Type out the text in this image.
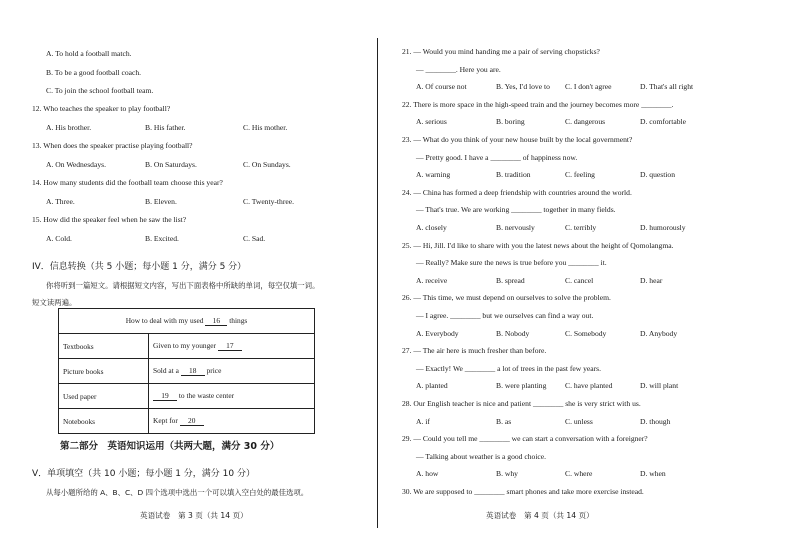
A. To hold a football match.
B. To be a good football coach.
C. To join the school football team.
12. Who teaches the speaker to play football?
A. His brother.	B. His father.	C. His mother.
13. When does the speaker practise playing football?
A. On Wednesdays.	B. On Saturdays.	C. On Sundays.
14. How many students did the football team choose this year?
A. Three.	B. Eleven.	C. Twenty-three.
15. How did the speaker feel when he saw the list?
A. Cold.	B. Excited.	C. Sad.
IV．信息转换（共 5 小题；每小题 1 分，满分 5 分）
你将听到一篇短文。请根据短文内容，写出下面表格中所缺的单词，每空仅填一词。
短文读两遍。
How to deal with my used 16 things	
Textbooks	Given to my younger 17
Picture books	Sold at a 18 price
Used paper	19 to the waste center
Notebooks	Kept for 20
第二部分　英语知识运用（共两大题，满分 30 分）
V．单项填空（共 10 小题；每小题 1 分，满分 10 分）
从每小题所给的 A、B、C、D 四个选项中选出一个可以填入空白处的最佳选项。
英语试卷　第 3 页（共 14 页）	英语试卷　第 4 页（共 14 页）
21. — Would you mind handing me a pair of serving chopsticks?
— ________. Here you are.
A. Of course not	B. Yes, I'd love to C. I don't agree	D. That's all right
22. There is more space in the high-speed train and the journey becomes more ________.
A. serious	B. boring	C. dangerous	D. comfortable
23. — What do you think of your new house built by the local government?
— Pretty good. I have a ________ of happiness now.
A. warning	B. tradition	C. feeling	D. question
24. — China has formed a deep friendship with countries around the world.
— That's true. We are working ________ together in many fields.
A. closely	B. nervously	C. terribly	D. humorously
25. — Hi, Jill. I'd like to share with you the latest news about the height of Qomolangma.
— Really? Make sure the news is true before you ________ it.
A. receive	B. spread	C. cancel	D. hear
26. — This time, we must depend on ourselves to solve the problem.
— I agree. ________ but we ourselves can find a way out.
A. Everybody	B. Nobody	C. Somebody	D. Anybody
27. — The air here is much fresher than before.
— Exactly! We ________ a lot of trees in the past few years.
A. planted	B. were planting C. have planted	D. will plant
28. Our English teacher is nice and patient ________ she is very strict with us.
A. if	B. as	C. unless	D. though
29. — Could you tell me ________ we can start a conversation with a foreigner?
— Talking about weather is a good choice.
A. how	B. why	C. where	D. when
30. We are supposed to ________ smart phones and take more exercise instead.
